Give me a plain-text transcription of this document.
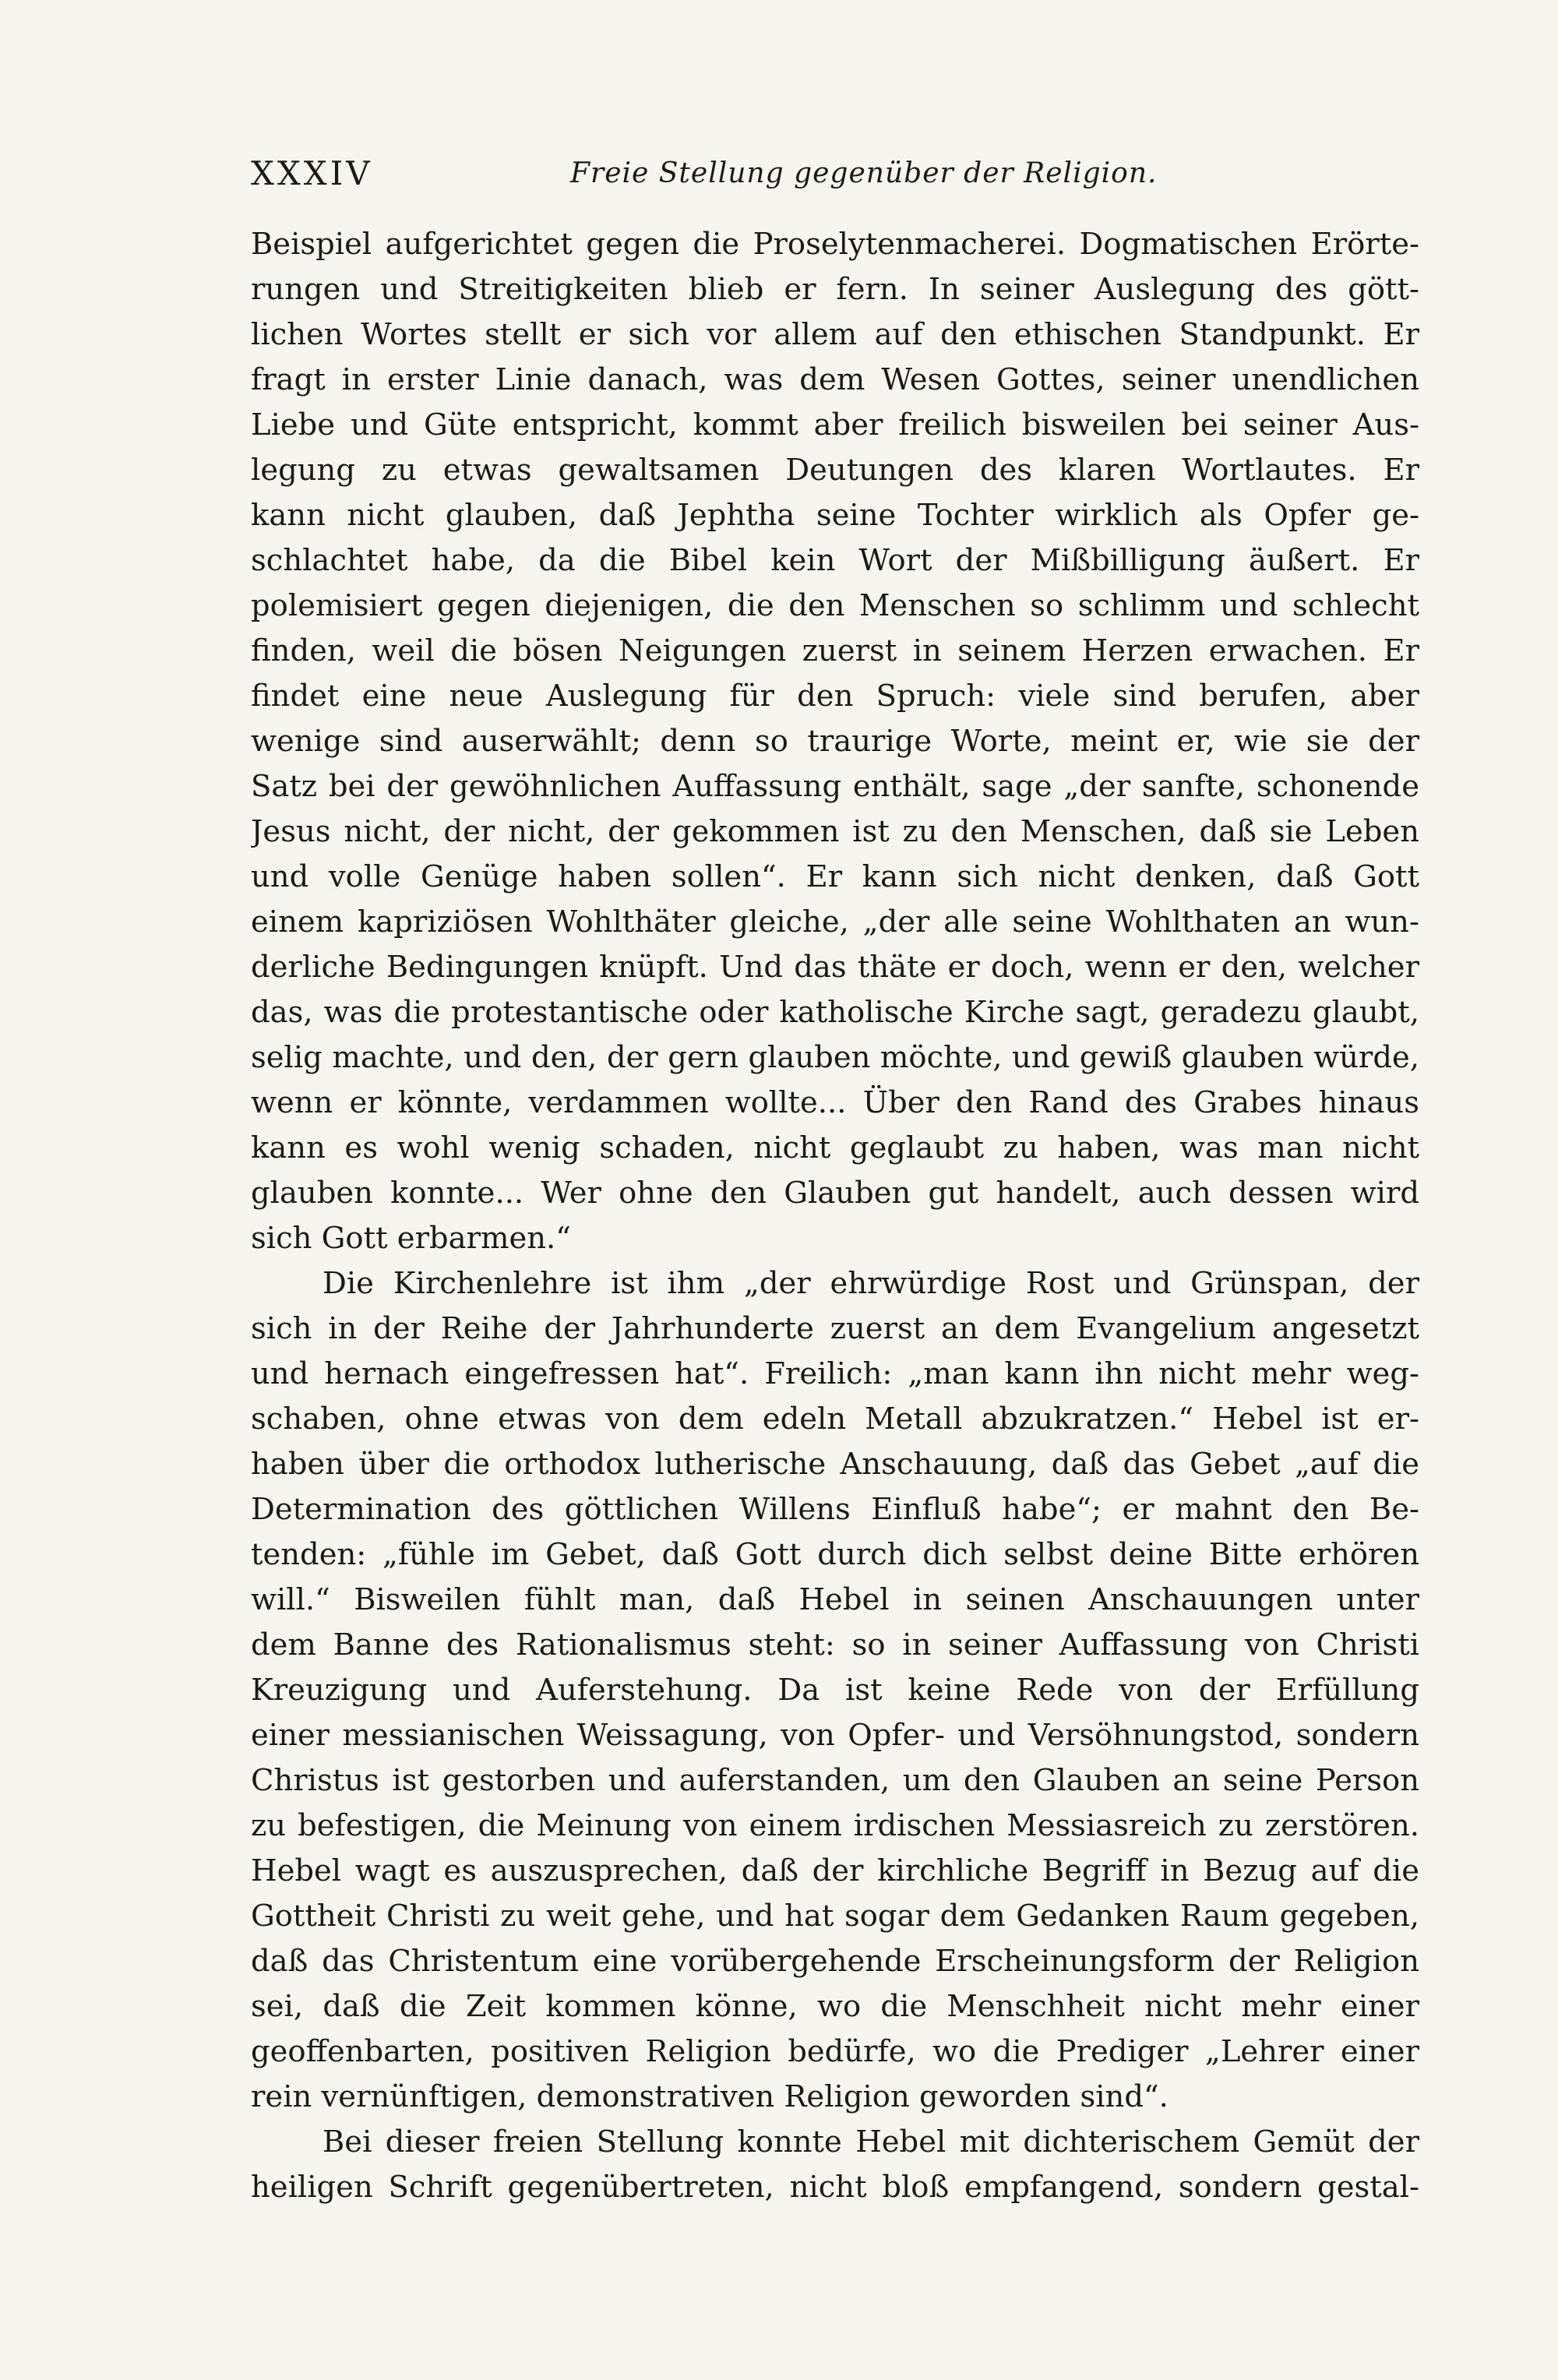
XXXIV	Freie Stellung gegenüber der Religion.
Beispiel aufgerichtet gegen die Proselytenmacherei. Dogmatischen Erörte-
rungen und Streitigkeiten blieb er fern. In seiner Auslegung des gött-
lichen Wortes stellt er sich vor allem auf den ethischen Standpunkt. Er
fragt in erster Linie danach, was dem Wesen Gottes, seiner unendlichen
Liebe und Güte entspricht, kommt aber freilich bisweilen bei seiner Aus-
legung zu etwas gewaltsamen Deutungen des klaren Wortlautes. Er
kann nicht glauben, daß Jephtha seine Tochter wirklich als Opfer ge-
schlachtet habe, da die Bibel kein Wort der Mißbilligung äußert. Er
polemisiert gegen diejenigen, die den Menschen so schlimm und schlecht
finden, weil die bösen Neigungen zuerst in seinem Herzen erwachen. Er
findet eine neue Auslegung für den Spruch: viele sind berufen, aber
wenige sind auserwählt; denn so traurige Worte, meint er, wie sie der
Satz bei der gewöhnlichen Auffassung enthält, sage „der sanfte, schonende
Jesus nicht, der nicht, der gekommen ist zu den Menschen, daß sie Leben
und volle Genüge haben sollen“. Er kann sich nicht denken, daß Gott
einem kapriziösen Wohlthäter gleiche, „der alle seine Wohlthaten an wun-
derliche Bedingungen knüpft. Und das thäte er doch, wenn er den, welcher
das, was die protestantische oder katholische Kirche sagt, geradezu glaubt,
selig machte, und den, der gern glauben möchte, und gewiß glauben würde,
wenn er könnte, verdammen wollte... Über den Rand des Grabes hinaus
kann es wohl wenig schaden, nicht geglaubt zu haben, was man nicht
glauben konnte... Wer ohne den Glauben gut handelt, auch dessen wird
sich Gott erbarmen.“
Die Kirchenlehre ist ihm „der ehrwürdige Rost und Grünspan, der
sich in der Reihe der Jahrhunderte zuerst an dem Evangelium angesetzt
und hernach eingefressen hat“. Freilich: „man kann ihn nicht mehr weg-
schaben, ohne etwas von dem edeln Metall abzukratzen.“ Hebel ist er-
haben über die orthodox lutherische Anschauung, daß das Gebet „auf die
Determination des göttlichen Willens Einfluß habe“; er mahnt den Be-
tenden: „fühle im Gebet, daß Gott durch dich selbst deine Bitte erhören
will.“ Bisweilen fühlt man, daß Hebel in seinen Anschauungen unter
dem Banne des Rationalismus steht: so in seiner Auffassung von Christi
Kreuzigung und Auferstehung. Da ist keine Rede von der Erfüllung
einer messianischen Weissagung, von Opfer- und Versöhnungstod, sondern
Christus ist gestorben und auferstanden, um den Glauben an seine Person
zu befestigen, die Meinung von einem irdischen Messiasreich zu zerstören.
Hebel wagt es auszusprechen, daß der kirchliche Begriff in Bezug auf die
Gottheit Christi zu weit gehe, und hat sogar dem Gedanken Raum gegeben,
daß das Christentum eine vorübergehende Erscheinungsform der Religion
sei, daß die Zeit kommen könne, wo die Menschheit nicht mehr einer
geoffenbarten, positiven Religion bedürfe, wo die Prediger „Lehrer einer
rein vernünftigen, demonstrativen Religion geworden sind“.
Bei dieser freien Stellung konnte Hebel mit dichterischem Gemüt der
heiligen Schrift gegenübertreten, nicht bloß empfangend, sondern gestal-
